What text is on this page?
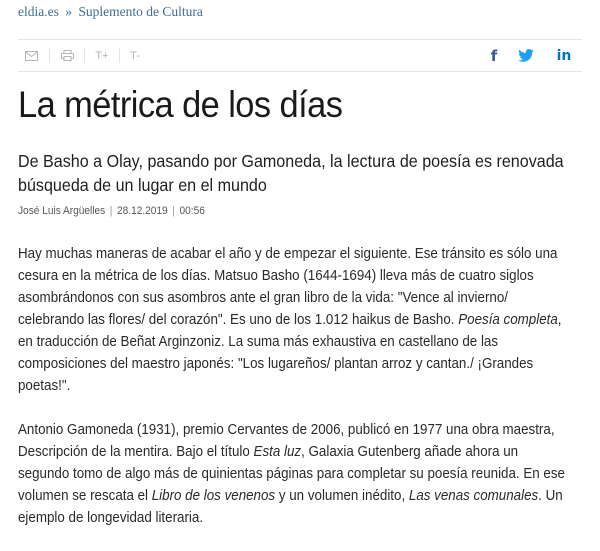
eldia.es » Suplemento de Cultura
T+ T-	f	in
La métrica de los días
De Basho a Olay, pasando por Gamoneda, la lectura de poesía es renovada búsqueda de un lugar en el mundo
José Luis Argüelles | 28.12.2019 | 00:56

Hay muchas maneras de acabar el año y de empezar el siguiente. Ese tránsito es sólo una cesura en la métrica de los días. Matsuo Basho (1644-1694) lleva más de cuatro siglos asombrándonos con sus asombros ante el gran libro de la vida: "Vence al invierno/ celebrando las flores/ del corazón". Es uno de los 1.012 haikus de Basho. Poesía completa, en traducción de Beñat Arginzoniz. La suma más exhaustiva en castellano de las composiciones del maestro japonés: "Los lugareños/ plantan arroz y cantan./ ¡Grandes poetas!".

Antonio Gamoneda (1931), premio Cervantes de 2006, publicó en 1977 una obra maestra, Descripción de la mentira. Bajo el título Esta luz, Galaxia Gutenberg añade ahora un segundo tomo de algo más de quinientas páginas para completar su poesía reunida. En ese volumen se rescata el Libro de los venenos y un volumen inédito, Las venas comunales. Un ejemplo de longevidad literaria.
